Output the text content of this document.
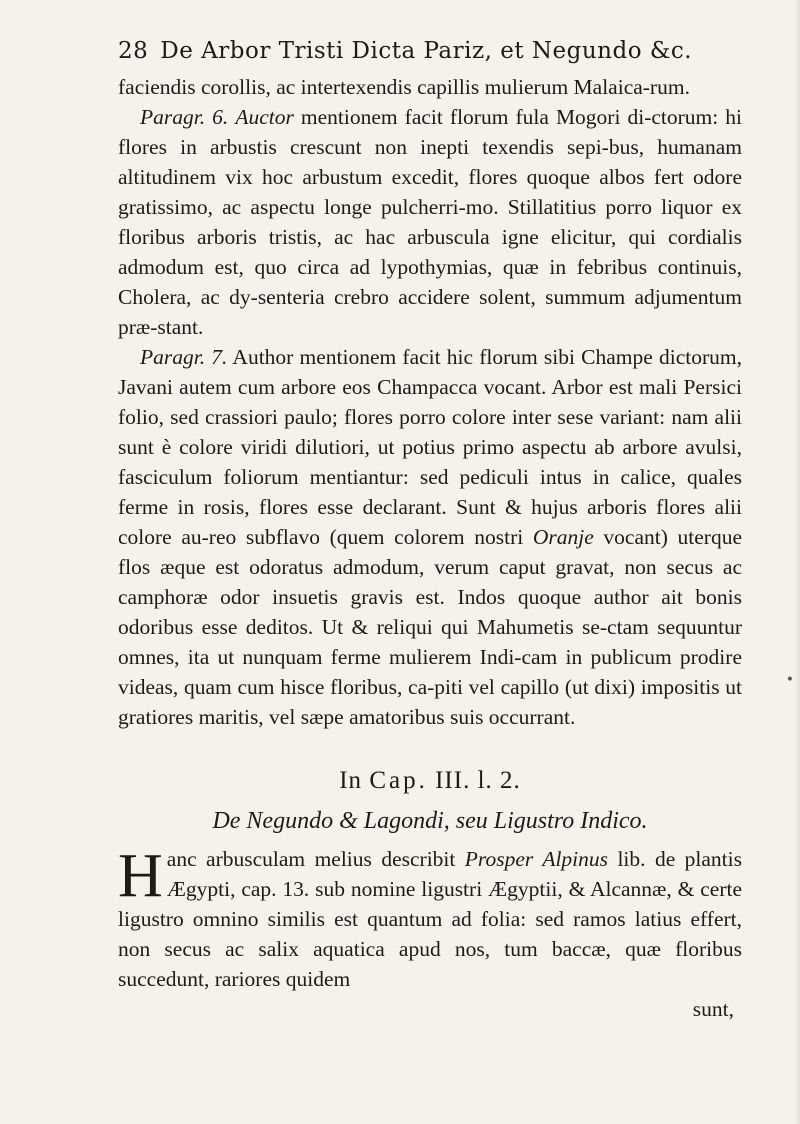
28 De Arbor Tristi Dicta Pariz, et Negundo &c.

faciendis corollis, ac intertexendis capillis mulierum Malaica-rum.

Paragr. 6. Auctor mentionem facit florum fula Mogori di-ctorum: hi flores in arbustis crescunt non inepti texendis sepi-bus, humanam altitudinem vix hoc arbustum excedit, flores quoque albos fert odore gratissimo, ac aspectu longe pulcherri-mo. Stillatitius porro liquor ex floribus arboris tristis, ac hac arbuscula igne elicitur, qui cordialis admodum est, quo circa ad lypothymias, quæ in febribus continuis, Cholera, ac dy-senteria crebro accidere solent, summum adjumentum præ-stant.

Paragr. 7. Author mentionem facit hic florum sibi Champe dictorum, Javani autem cum arbore eos Champacca vocant. Arbor est mali Persici folio, sed crassiori paulo; flores porro colore inter sese variant: nam alii sunt è colore viridi dilutiori, ut potius primo aspectu ab arbore avulsi, fasciculum foliorum mentiantur: sed pediculi intus in calice, quales ferme in rosis, flores esse declarant. Sunt & hujus arboris flores alii colore au-reo subflavo (quem colorem nostri Oranje vocant) uterque flos æque est odoratus admodum, verum caput gravat, non secus ac camphoræ odor insuetis gravis est. Indos quoque author ait bonis odoribus esse deditos. Ut & reliqui qui Mahumetis se-ctam sequuntur omnes, ita ut nunquam ferme mulierem Indi-cam in publicum prodire videas, quam cum hisce floribus, ca-piti vel capillo (ut dixi) impositis ut gratiores maritis, vel sæpe amatoribus suis occurrant.

In Cap. III. l. 2.
De Negundo & Lagondi, seu Ligustro Indico.

Hanc arbusculam melius describit Prosper Alpinus lib. de plantis Ægypti, cap. 13. sub nomine ligustri Ægyptii, & Alcannæ, & certe ligustro omnino similis est quantum ad folia: sed ramos latius effert, non secus ac salix aquatica apud nos, tum baccæ, quæ floribus succedunt, rariores quidem

sunt,
•
